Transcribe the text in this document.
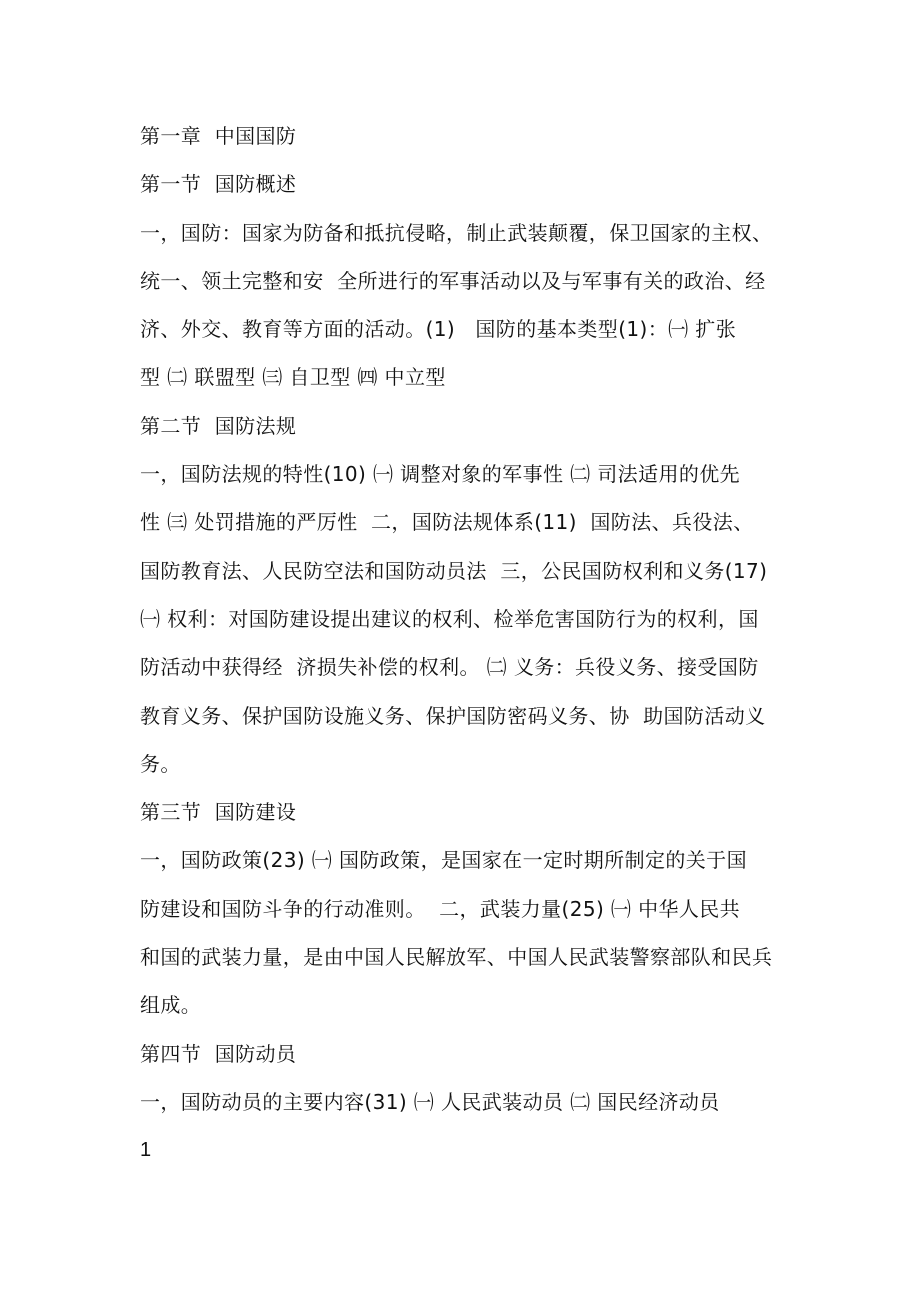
第一章  中国国防
第一节  国防概述
一，国防：国家为防备和抵抗侵略，制止武装颠覆，保卫国家的主权、
统一、领土完整和安  全所进行的军事活动以及与军事有关的政治、经
济、外交、教育等方面的活动。(1)   国防的基本类型(1)：㈠ 扩张
型 ㈡ 联盟型 ㈢ 自卫型 ㈣ 中立型
第二节  国防法规
一，国防法规的特性(10) ㈠ 调整对象的军事性 ㈡ 司法适用的优先
性 ㈢ 处罚措施的严厉性  二，国防法规体系(11)  国防法、兵役法、
国防教育法、人民防空法和国防动员法  三，公民国防权利和义务(17)
㈠ 权利：对国防建设提出建议的权利、检举危害国防行为的权利，国
防活动中获得经  济损失补偿的权利。 ㈡ 义务：兵役义务、接受国防
教育义务、保护国防设施义务、保护国防密码义务、协  助国防活动义
务。
第三节  国防建设
一，国防政策(23) ㈠ 国防政策，是国家在一定时期所制定的关于国
防建设和国防斗争的行动准则。  二，武装力量(25) ㈠ 中华人民共
和国的武装力量，是由中国人民解放军、中国人民武装警察部队和民兵
组成。
第四节  国防动员
一，国防动员的主要内容(31) ㈠ 人民武装动员 ㈡ 国民经济动员
1
